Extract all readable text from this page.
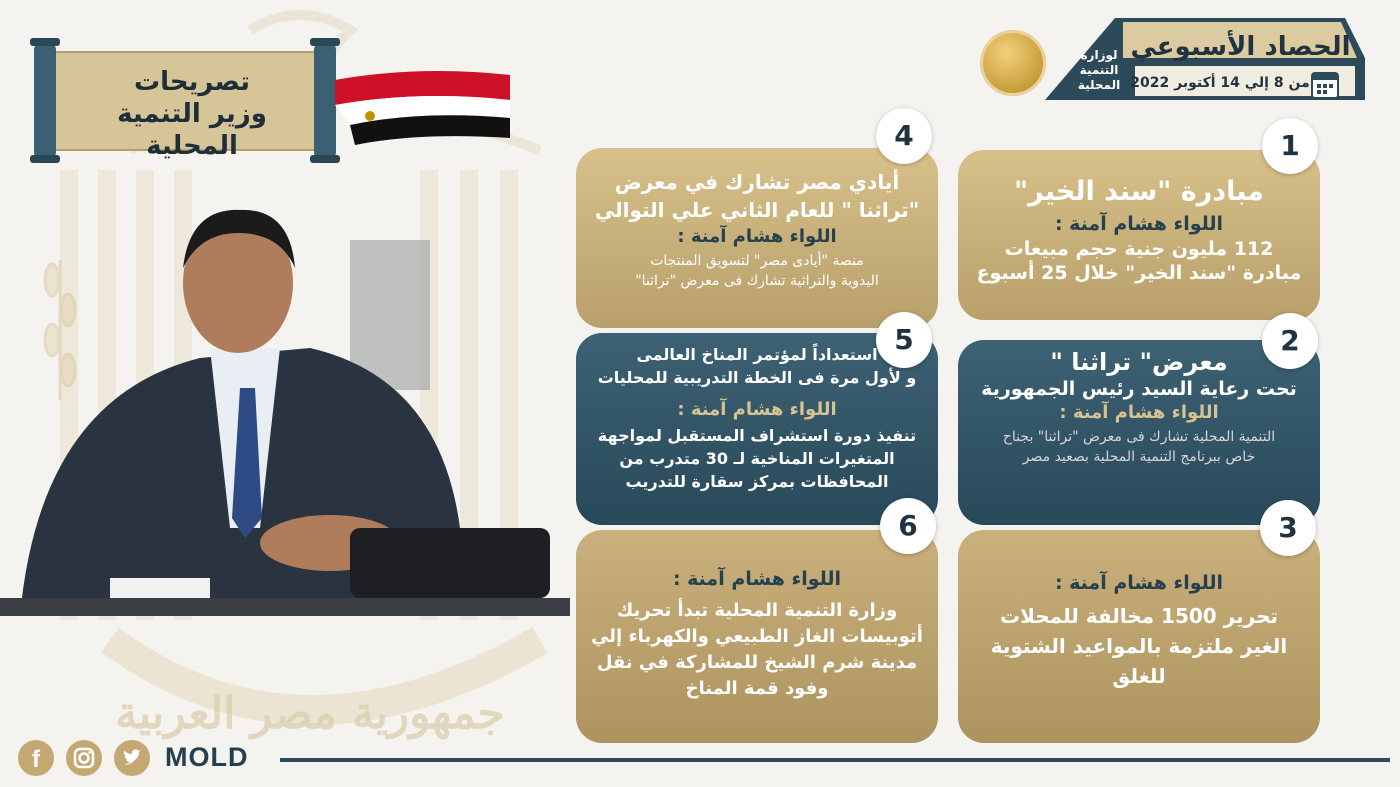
جمهورية مصر العربية
تصريحات
وزير التنمية المحلية
الحصاد الأسبوعي
من 8 إلي 14 أكتوبر 2022
لوزارة
التنمية
المحلية
مبادرة "سند الخير"
اللواء هشام آمنة :
112 مليون جنية حجم مبيعات
مبادرة "سند الخير" خلال 25 أسبوع
1
معرض" تراثنا "
تحت رعاية السيد رئيس الجمهورية
اللواء هشام آمنة :
التنمية المحلية تشارك فى معرض "تراثنا" بجناح
خاص ببرنامج التنمية المحلية بصعيد مصر
2
اللواء هشام آمنة :
تحرير 1500 مخالفة للمحلات
الغير ملتزمة بالمواعيد الشتوية
للغلق
3
أيادي مصر تشارك في معرض
"تراثنا " للعام الثاني علي التوالي
اللواء هشام آمنة :
منصة "أيادى مصر" لتسويق المنتجات
اليدوية والتراثية تشارك فى معرض "تراثنا"
4
استعداداً لمؤتمر المناخ العالمى
و لأول مرة فى الخطة التدريبية للمحليات
اللواء هشام آمنة :
تنفيذ دورة استشراف المستقبل لمواجهة
المتغيرات المناخية لـ 30 متدرب من
المحافظات بمركز سقارة للتدريب
5
اللواء هشام آمنة :
وزارة التنمية المحلية تبدأ تحريك
أتوبيسات الغاز الطبيعي والكهرباء إلي
مدينة شرم الشيخ للمشاركة في نقل
وفود قمة المناخ
6
f	MOLD
